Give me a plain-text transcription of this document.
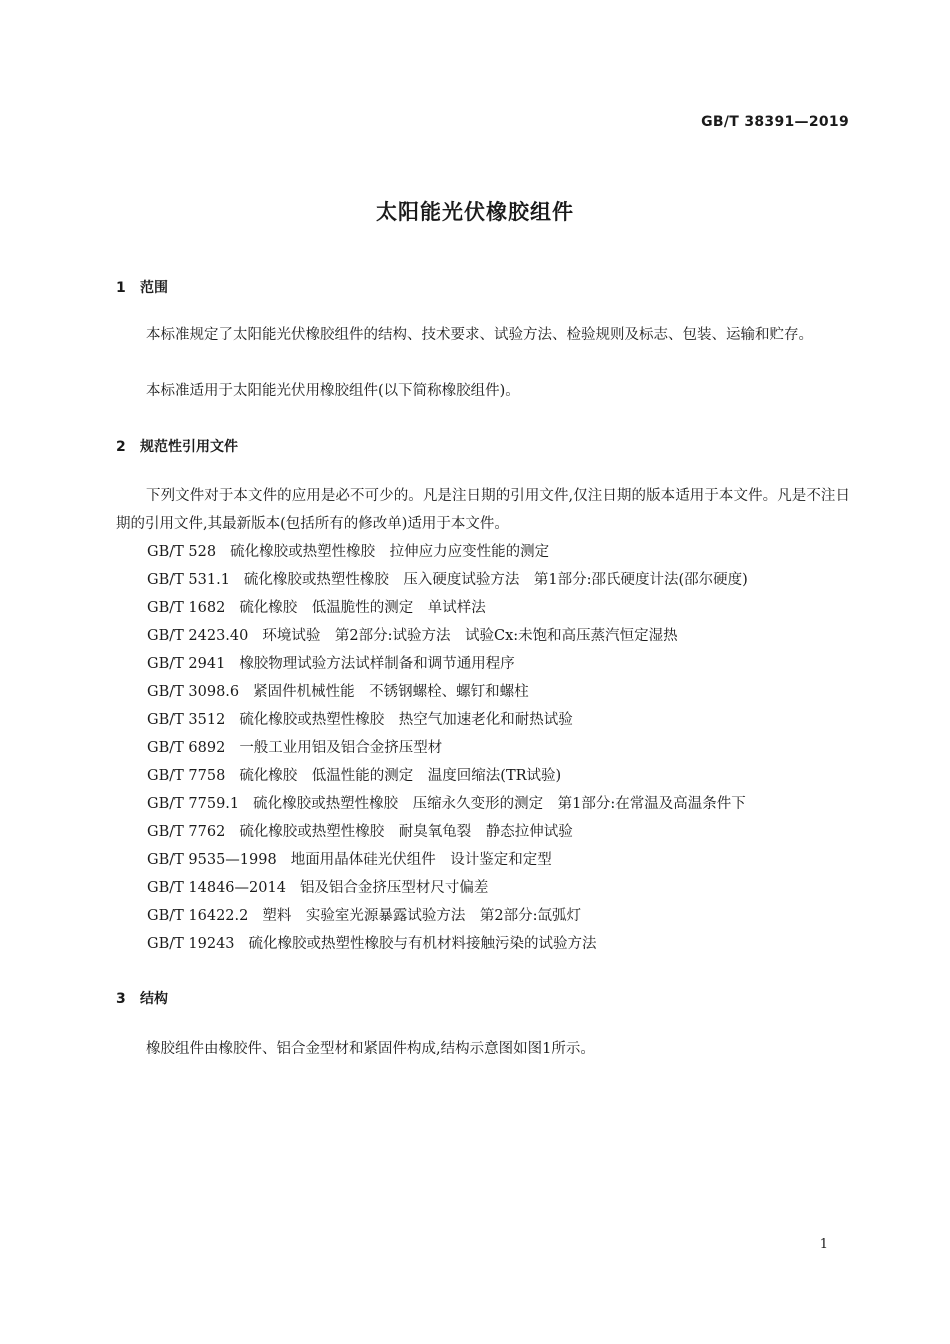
GB/T 38391—2019
太阳能光伏橡胶组件
1 范围

本标准规定了太阳能光伏橡胶组件的结构、技术要求、试验方法、检验规则及标志、包装、运输和贮存。

本标准适用于太阳能光伏用橡胶组件(以下简称橡胶组件)。

2 规范性引用文件

下列文件对于本文件的应用是必不可少的。凡是注日期的引用文件,仅注日期的版本适用于本文件。凡是不注日期的引用文件,其最新版本(包括所有的修改单)适用于本文件。

GB/T 528 硫化橡胶或热塑性橡胶　拉伸应力应变性能的测定
GB/T 531.1 硫化橡胶或热塑性橡胶　压入硬度试验方法　第1部分:邵氏硬度计法(邵尔硬度)
GB/T 1682 硫化橡胶　低温脆性的测定　单试样法
GB/T 2423.40 环境试验　第2部分:试验方法　试验Cx:未饱和高压蒸汽恒定湿热
GB/T 2941 橡胶物理试验方法试样制备和调节通用程序
GB/T 3098.6 紧固件机械性能　不锈钢螺栓、螺钉和螺柱
GB/T 3512 硫化橡胶或热塑性橡胶　热空气加速老化和耐热试验
GB/T 6892 一般工业用铝及铝合金挤压型材
GB/T 7758 硫化橡胶　低温性能的测定　温度回缩法(TR试验)
GB/T 7759.1 硫化橡胶或热塑性橡胶　压缩永久变形的测定　第1部分:在常温及高温条件下
GB/T 7762 硫化橡胶或热塑性橡胶　耐臭氧龟裂　静态拉伸试验
GB/T 9535—1998 地面用晶体硅光伏组件　设计鉴定和定型
GB/T 14846—2014 铝及铝合金挤压型材尺寸偏差
GB/T 16422.2 塑料　实验室光源暴露试验方法　第2部分:氙弧灯
GB/T 19243 硫化橡胶或热塑性橡胶与有机材料接触污染的试验方法
3 结构

橡胶组件由橡胶件、铝合金型材和紧固件构成,结构示意图如图1所示。

1
